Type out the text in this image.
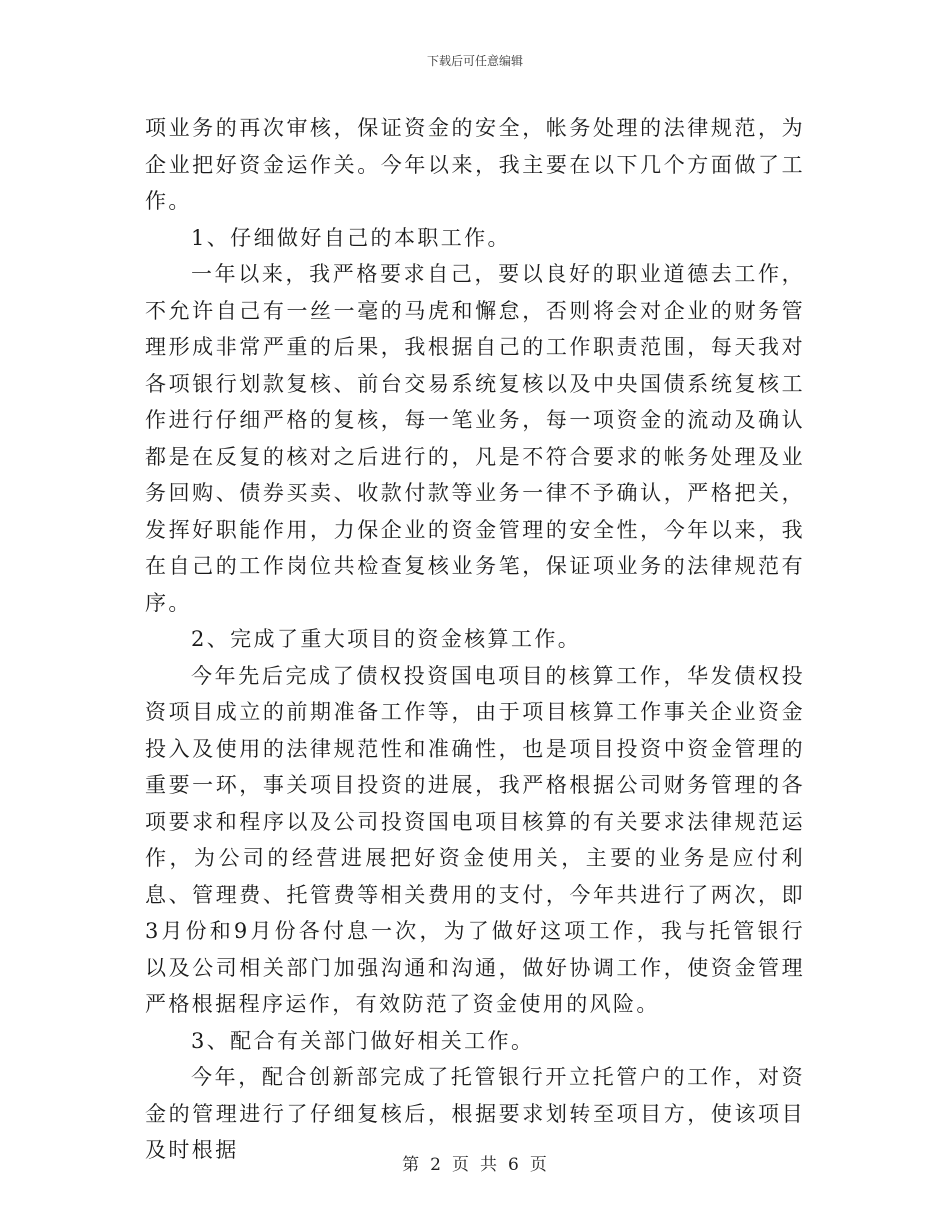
下载后可任意编辑

项业务的再次审核，保证资金的安全，帐务处理的法律规范，为企业把好资金运作关。今年以来，我主要在以下几个方面做了工作。

1、仔细做好自己的本职工作。

一年以来，我严格要求自己，要以良好的职业道德去工作，不允许自己有一丝一毫的马虎和懈怠，否则将会对企业的财务管理形成非常严重的后果，我根据自己的工作职责范围，每天我对各项银行划款复核、前台交易系统复核以及中央国债系统复核工作进行仔细严格的复核，每一笔业务，每一项资金的流动及确认都是在反复的核对之后进行的，凡是不符合要求的帐务处理及业务回购、债券买卖、收款付款等业务一律不予确认，严格把关，发挥好职能作用，力保企业的资金管理的安全性，今年以来，我在自己的工作岗位共检查复核业务笔，保证项业务的法律规范有序。

2、完成了重大项目的资金核算工作。

今年先后完成了债权投资国电项目的核算工作，华发债权投资项目成立的前期准备工作等，由于项目核算工作事关企业资金投入及使用的法律规范性和准确性，也是项目投资中资金管理的重要一环，事关项目投资的进展，我严格根据公司财务管理的各项要求和程序以及公司投资国电项目核算的有关要求法律规范运作，为公司的经营进展把好资金使用关，主要的业务是应付利息、管理费、托管费等相关费用的支付，今年共进行了两次，即3月份和9月份各付息一次，为了做好这项工作，我与托管银行以及公司相关部门加强沟通和沟通，做好协调工作，使资金管理严格根据程序运作，有效防范了资金使用的风险。

3、配合有关部门做好相关工作。

今年，配合创新部完成了托管银行开立托管户的工作，对资金的管理进行了仔细复核后，根据要求划转至项目方，使该项目及时根据

第 2 页 共 6 页
